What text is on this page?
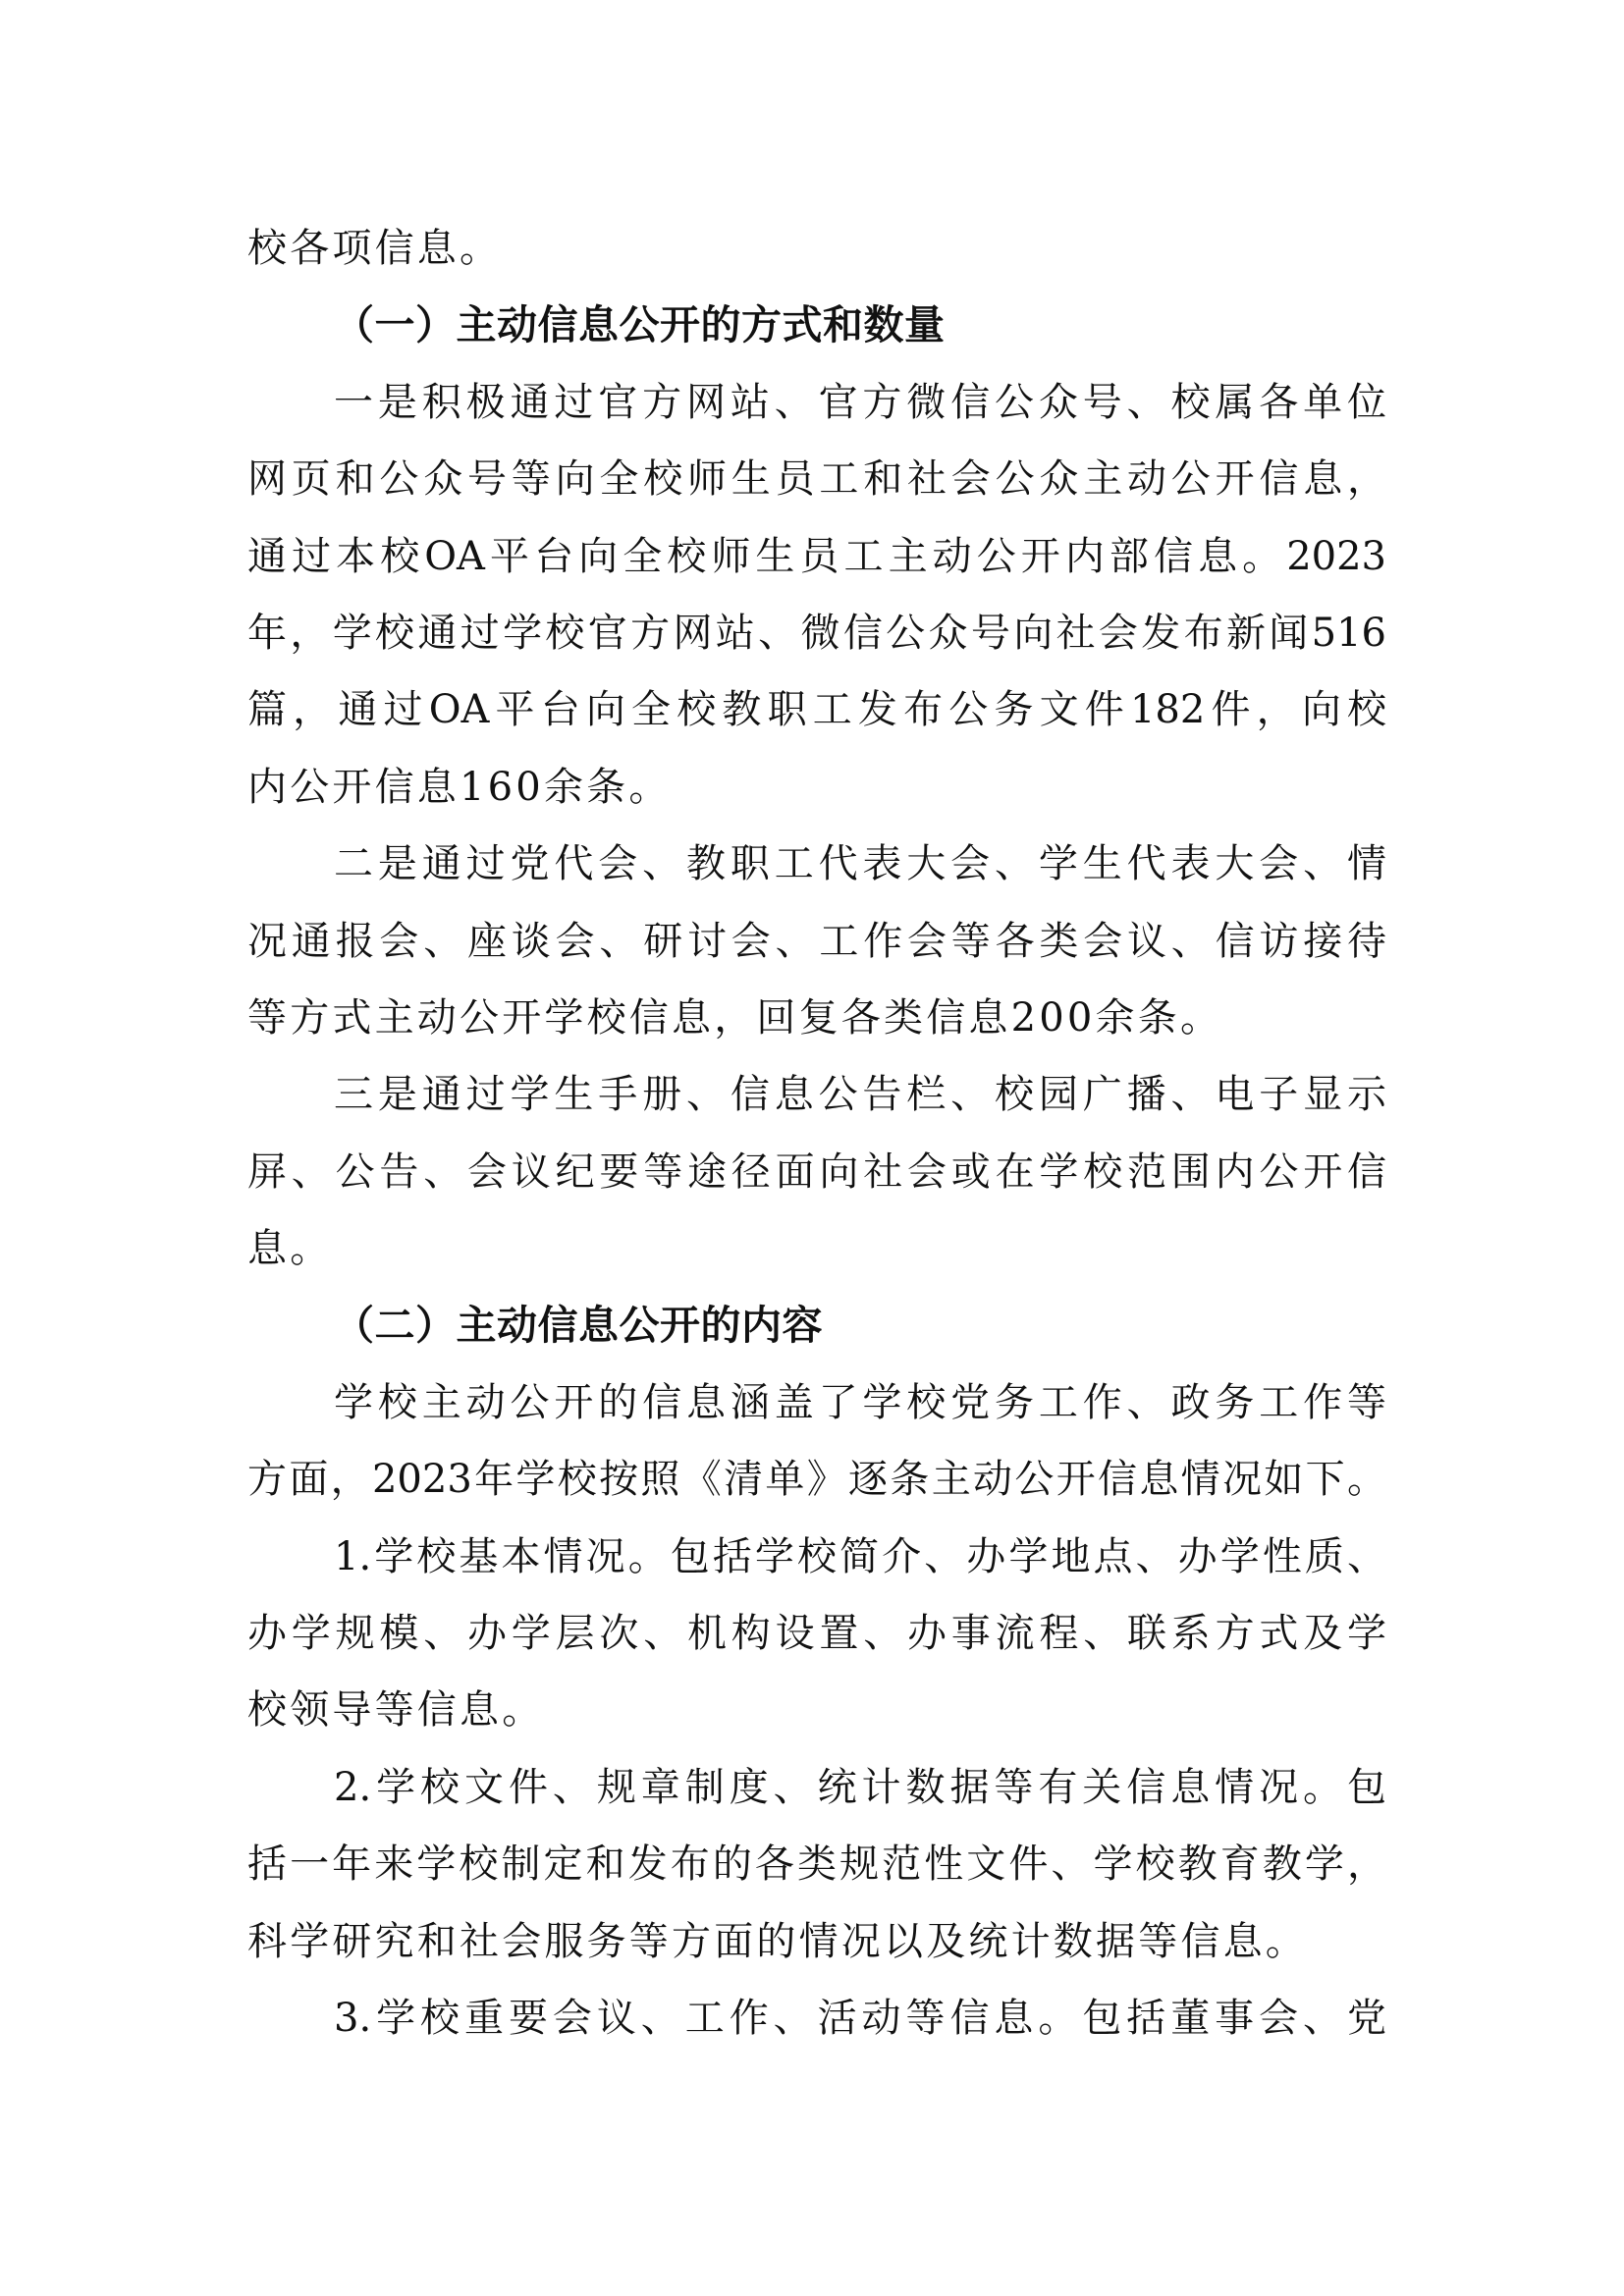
校各项信息。
（一）主动信息公开的方式和数量
一是积极通过官方网站、官方微信公众号、校属各单位
网页和公众号等向全校师生员工和社会公众主动公开信息，
通过本校OA平台向全校师生员工主动公开内部信息。2023
年，学校通过学校官方网站、微信公众号向社会发布新闻516
篇，通过OA平台向全校教职工发布公务文件182件，向校
内公开信息160余条。
二是通过党代会、教职工代表大会、学生代表大会、情
况通报会、座谈会、研讨会、工作会等各类会议、信访接待
等方式主动公开学校信息，回复各类信息200余条。
三是通过学生手册、信息公告栏、校园广播、电子显示
屏、公告、会议纪要等途径面向社会或在学校范围内公开信
息。
（二）主动信息公开的内容
学校主动公开的信息涵盖了学校党务工作、政务工作等
方面，2023年学校按照《清单》逐条主动公开信息情况如下。
1.学校基本情况。包括学校简介、办学地点、办学性质、
办学规模、办学层次、机构设置、办事流程、联系方式及学
校领导等信息。
2.学校文件、规章制度、统计数据等有关信息情况。包
括一年来学校制定和发布的各类规范性文件、学校教育教学，
科学研究和社会服务等方面的情况以及统计数据等信息。
3.学校重要会议、工作、活动等信息。包括董事会、党
